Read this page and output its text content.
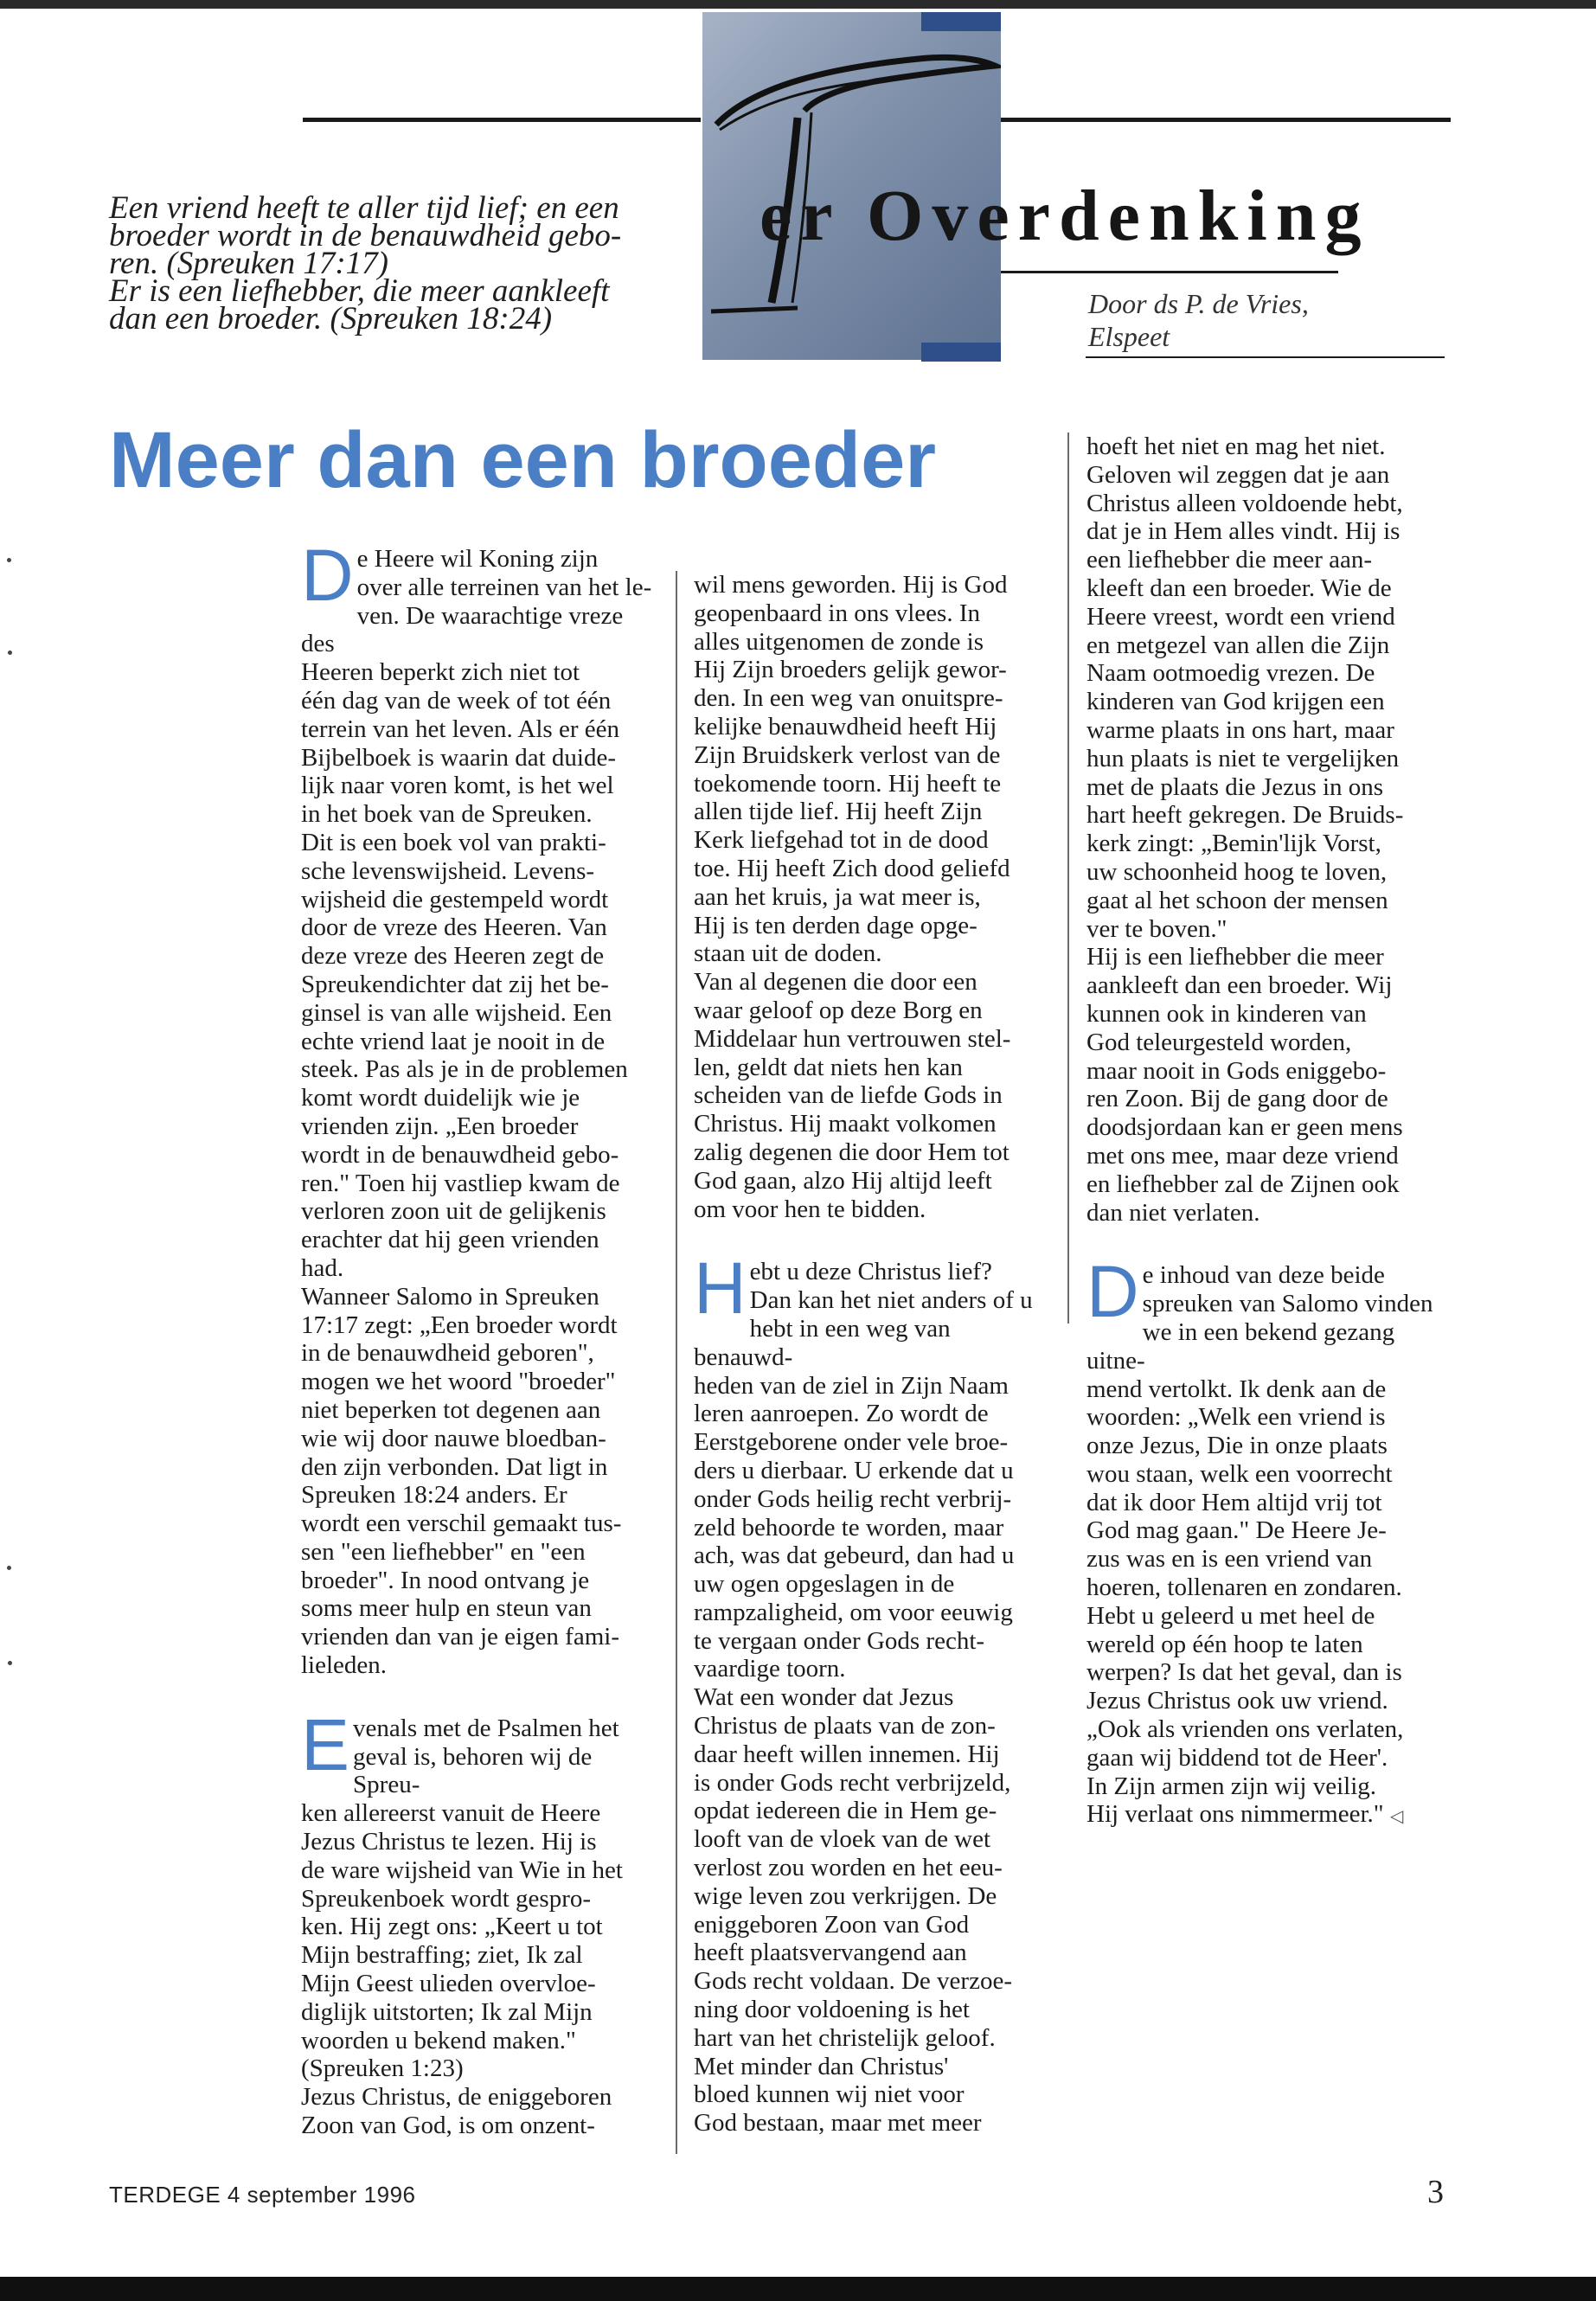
er Overdenking
Door ds P. de Vries,
Elspeet
Een vriend heeft te aller tijd lief; en een
broeder wordt in de benauwdheid gebo-
ren. (Spreuken 17:17)
Er is een liefhebber, die meer aankleeft
dan een broeder. (Spreuken 18:24)
Meer dan een broeder

D e Heere wil Koning zijn
over alle terreinen van het le-
ven. De waarachtige vreze des
Heeren beperkt zich niet tot
één dag van de week of tot één
terrein van het leven. Als er één
Bijbelboek is waarin dat duide-
lijk naar voren komt, is het wel
in het boek van de Spreuken.
Dit is een boek vol van prakti-
sche levenswijsheid. Levens-
wijsheid die gestempeld wordt
door de vreze des Heeren. Van
deze vreze des Heeren zegt de
Spreukendichter dat zij het be-
ginsel is van alle wijsheid. Een
echte vriend laat je nooit in de
steek. Pas als je in de problemen
komt wordt duidelijk wie je
vrienden zijn. „Een broeder
wordt in de benauwdheid gebo-
ren." Toen hij vastliep kwam de
verloren zoon uit de gelijkenis
erachter dat hij geen vrienden
had.

Wanneer Salomo in Spreuken
17:17 zegt: „Een broeder wordt
in de benauwdheid geboren",
mogen we het woord "broeder"
niet beperken tot degenen aan
wie wij door nauwe bloedban-
den zijn verbonden. Dat ligt in
Spreuken 18:24 anders. Er
wordt een verschil gemaakt tus-
sen "een liefhebber" en "een
broeder". In nood ontvang je
soms meer hulp en steun van
vrienden dan van je eigen fami-
lieleden.

E venals met de Psalmen het
geval is, behoren wij de Spreu-
ken allereerst vanuit de Heere
Jezus Christus te lezen. Hij is
de ware wijsheid van Wie in het
Spreukenboek wordt gespro-
ken. Hij zegt ons: „Keert u tot
Mijn bestraffing; ziet, Ik zal
Mijn Geest ulieden overvloe-
diglijk uitstorten; Ik zal Mijn
woorden u bekend maken."
(Spreuken 1:23)

Jezus Christus, de eniggeboren
Zoon van God, is om onzent-

wil mens geworden. Hij is God
geopenbaard in ons vlees. In
alles uitgenomen de zonde is
Hij Zijn broeders gelijk gewor-
den. In een weg van onuitspre-
kelijke benauwdheid heeft Hij
Zijn Bruidskerk verlost van de
toekomende toorn. Hij heeft te
allen tijde lief. Hij heeft Zijn
Kerk liefgehad tot in de dood
toe. Hij heeft Zich dood geliefd
aan het kruis, ja wat meer is,
Hij is ten derden dage opge-
staan uit de doden.

Van al degenen die door een
waar geloof op deze Borg en
Middelaar hun vertrouwen stel-
len, geldt dat niets hen kan
scheiden van de liefde Gods in
Christus. Hij maakt volkomen
zalig degenen die door Hem tot
God gaan, alzo Hij altijd leeft
om voor hen te bidden.

H ebt u deze Christus lief?
Dan kan het niet anders of u
hebt in een weg van benauwd-
heden van de ziel in Zijn Naam
leren aanroepen. Zo wordt de
Eerstgeborene onder vele broe-
ders u dierbaar. U erkende dat u
onder Gods heilig recht verbrij-
zeld behoorde te worden, maar
ach, was dat gebeurd, dan had u
uw ogen opgeslagen in de
rampzaligheid, om voor eeuwig
te vergaan onder Gods recht-
vaardige toorn.

Wat een wonder dat Jezus
Christus de plaats van de zon-
daar heeft willen innemen. Hij
is onder Gods recht verbrijzeld,
opdat iedereen die in Hem ge-
looft van de vloek van de wet
verlost zou worden en het eeu-
wige leven zou verkrijgen. De
eniggeboren Zoon van God
heeft plaatsvervangend aan
Gods recht voldaan. De verzoe-
ning door voldoening is het
hart van het christelijk geloof.
Met minder dan Christus'
bloed kunnen wij niet voor
God bestaan, maar met meer

hoeft het niet en mag het niet.
Geloven wil zeggen dat je aan
Christus alleen voldoende hebt,
dat je in Hem alles vindt. Hij is
een liefhebber die meer aan-
kleeft dan een broeder. Wie de
Heere vreest, wordt een vriend
en metgezel van allen die Zijn
Naam ootmoedig vrezen. De
kinderen van God krijgen een
warme plaats in ons hart, maar
hun plaats is niet te vergelijken
met de plaats die Jezus in ons
hart heeft gekregen. De Bruids-
kerk zingt: „Bemin'lijk Vorst,
uw schoonheid hoog te loven,
gaat al het schoon der mensen
ver te boven."

Hij is een liefhebber die meer
aankleeft dan een broeder. Wij
kunnen ook in kinderen van
God teleurgesteld worden,
maar nooit in Gods eniggebo-
ren Zoon. Bij de gang door de
doodsjordaan kan er geen mens
met ons mee, maar deze vriend
en liefhebber zal de Zijnen ook
dan niet verlaten.

D e inhoud van deze beide
spreuken van Salomo vinden
we in een bekend gezang uitne-
mend vertolkt. Ik denk aan de
woorden: „Welk een vriend is
onze Jezus, Die in onze plaats
wou staan, welk een voorrecht
dat ik door Hem altijd vrij tot
God mag gaan." De Heere Je-
zus was en is een vriend van
hoeren, tollenaren en zondaren.
Hebt u geleerd u met heel de
wereld op één hoop te laten
werpen? Is dat het geval, dan is
Jezus Christus ook uw vriend.
„Ook als vrienden ons verlaten,
gaan wij biddend tot de Heer'.
In Zijn armen zijn wij veilig.
Hij verlaat ons nimmermeer." ◁

TERDEGE 4 september 1996	3
